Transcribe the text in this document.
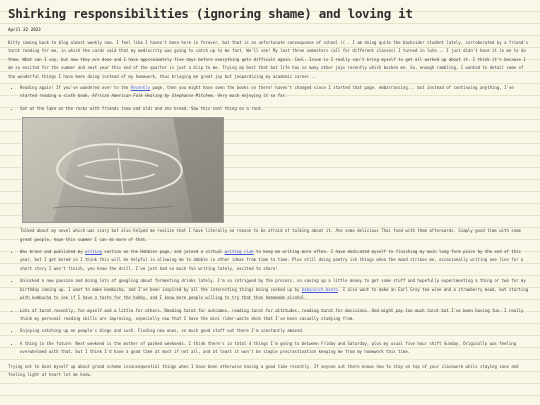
Shirking responsibilities (ignoring shame) and loving it
April 22 2023

Kitty coming back to blog almost weekly now. I feel like I haven't been here in forever, but that is an unfortunate consequence of school (( . I am doing quite the backsider student lately, corroborated by a friend's tarot reading for me, in which the cards said that my mediocrity was going to catch up to me fast. We'll see! My last three semesters (all for different classes) I turned in late... I just didn't have it in me to do them. What can I say, but now they are done and I have approximately five days before everything gets difficult again. Cool. Issue is I really can't bring myself to get all worked up about it. I think it's because I am so excited for the summer and next year this end of the quarter is just a blip to me. Trying my best that but life has so many other joys recently which beckon me. So, enough rambling, I wanted to detail some of the wonderful things I have been doing instead of my homework, thus bringing me great joy but jeopardizing my academic career...

• Reading again! If you've wandered over to the Recently page, then you might have seen the books on there! haven't changed since I started that page. embarrassing... but instead of continuing anything, I've started reading a sixth book, African American Folk Healing by Stephanie Mitchem. Very much enjoying it so far.
• Sat at the lake on the rocks with friends (new and old) and ate bread. Saw this cool thing on a rock.
Talked about my novel which was scary but also helped me realize that I have literally no reason to be afraid of talking about it. Ate some delicious Thai food with them afterwards. Simply good time with some great people, hope this summer I can do more of that.
• Was brave and published my writing section on the Hobbies page, and joined a virtual writing club to keep me writing more often. I have dedicated myself to finishing my main long form piece by the end of this year, but I get bored so I think this will be helpful in allowing me to dabble in other ideas from time to time. Plus still doing poetry ish things when the mood strikes me, occasionally writing one line for a short story I won't finish, you know the drill. I've just had so much fun writing lately, excited to share!
• Unlocked a new passion and doing lots of googling about fermenting drinks lately. I'm so intrigued by the process, so saving up a little money to get some stuff and hopefully experimenting a thing or two for my birthday coming up. I want to make kombucha, and I've been inspired by all the interesting things being cooked up by babyninch.bento. I also want to make an Earl Grey tea wine and a strawberry mead, but starting with kombucha to see if I have a taste for the hobby, and I know more people willing to try that than homemade alcohol.
• Lots of tarot recently, for myself and a little for others. Reading tarot for outcomes, reading tarot for attitudes, reading tarot for decisions. And might pay too much tarot but I've been having fun. I really think my personal reading skills are improving, especially now that I have the mini rider-waite deck that I've been casually studying from.
• Enjoying catching up on people's blogs and such. Finding new ones, so much good stuff out there I'm constantly amazed.
• A thing in the future: Next weekend is the mother of packed weekends. I think there's in total 4 things I'm going to between Friday and Saturday, plus my usual five hour shift Sunday. Originally was feeling overwhelmed with that, but I think I'd have a good time at most if not all, and at least it won't be simple procrastination keeping me from my homework this time.

Trying not to beat myself up about grand scheme inconsequential things when I have been otherwise having a good time recently. If anyone out there knows how to stay on top of your classwork while staying sane and feeling light at heart let me know.
